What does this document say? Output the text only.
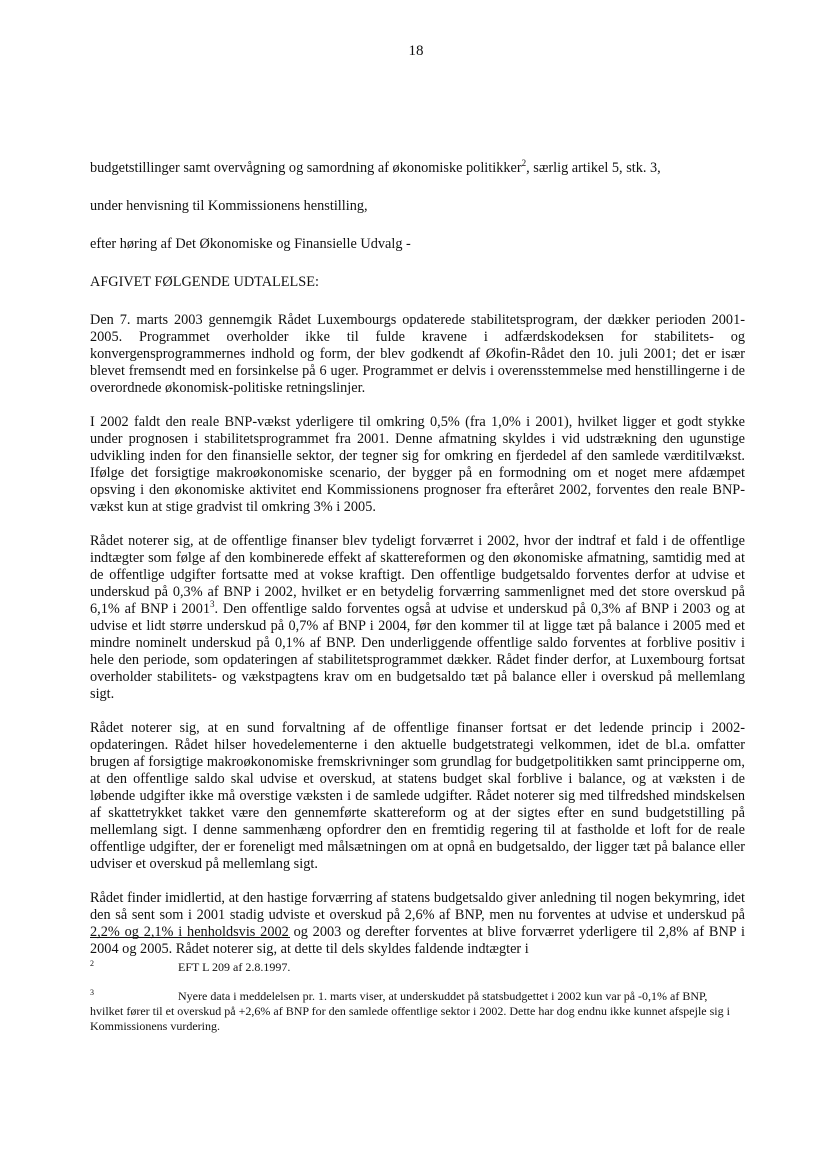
18

budgetstillinger samt overvågning og samordning af økonomiske politikker$^2$, særlig artikel 5, stk. 3,

under henvisning til Kommissionens henstilling,

efter høring af Det Økonomiske og Finansielle Udvalg -

AFGIVET FØLGENDE UDTALELSE:

Den 7. marts 2003 gennemgik Rådet Luxembourgs opdaterede stabilitetsprogram, der dækker perioden 2001-2005. Programmet overholder ikke til fulde kravene i adfærdskodeksen for stabilitets- og konvergensprogrammernes indhold og form, der blev godkendt af Økofin-Rådet den 10. juli 2001; det er især blevet fremsendt med en forsinkelse på 6 uger. Programmet er delvis i overensstemmelse med henstillingerne i de overordnede økonomisk-politiske retningslinjer.

I 2002 faldt den reale BNP-vækst yderligere til omkring 0,5% (fra 1,0% i 2001), hvilket ligger et godt stykke under prognosen i stabilitetsprogrammet fra 2001. Denne afmatning skyldes i vid udstrækning den ugunstige udvikling inden for den finansielle sektor, der tegner sig for omkring en fjerdedel af den samlede værditilvækst. Ifølge det forsigtige makroøkonomiske scenario, der bygger på en formodning om et noget mere afdæmpet opsving i den økonomiske aktivitet end Kommissionens prognoser fra efteråret 2002, forventes den reale BNP-vækst kun at stige gradvist til omkring 3% i 2005.

Rådet noterer sig, at de offentlige finanser blev tydeligt forværret i 2002, hvor der indtraf et fald i de offentlige indtægter som følge af den kombinerede effekt af skattereformen og den økonomiske afmatning, samtidig med at de offentlige udgifter fortsatte med at vokse kraftigt. Den offentlige budgetsaldo forventes derfor at udvise et underskud på 0,3% af BNP i 2002, hvilket er en betydelig forværring sammenlignet med det store overskud på 6,1% af BNP i 2001$^3$. Den offentlige saldo forventes også at udvise et underskud på 0,3% af BNP i 2003 og at udvise et lidt større underskud på 0,7% af BNP i 2004, før den kommer til at ligge tæt på balance i 2005 med et mindre nominelt underskud på 0,1% af BNP. Den underliggende offentlige saldo forventes at forblive positiv i hele den periode, som opdateringen af stabilitetsprogrammet dækker. Rådet finder derfor, at Luxembourg fortsat overholder stabilitets- og vækstpagtens krav om en budgetsaldo tæt på balance eller i overskud på mellemlang sigt.

Rådet noterer sig, at en sund forvaltning af de offentlige finanser fortsat er det ledende princip i 2002-opdateringen. Rådet hilser hovedelementerne i den aktuelle budgetstrategi velkommen, idet de bl.a. omfatter brugen af forsigtige makroøkonomiske fremskrivninger som grundlag for budgetpolitikken samt principperne om, at den offentlige saldo skal udvise et overskud, at statens budget skal forblive i balance, og at væksten i de løbende udgifter ikke må overstige væksten i de samlede udgifter. Rådet noterer sig med tilfredshed mindskelsen af skattetrykket takket være den gennemførte skattereform og at der sigtes efter en sund budgetstilling på mellemlang sigt. I denne sammenhæng opfordrer den en fremtidig regering til at fastholde et loft for de reale offentlige udgifter, der er foreneligt med målsætningen om at opnå en budgetsaldo, der ligger tæt på balance eller udviser et overskud på mellemlang sigt.

Rådet finder imidlertid, at den hastige forværring af statens budgetsaldo giver anledning til nogen bekymring, idet den så sent som i 2001 stadig udviste et overskud på 2,6% af BNP, men nu forventes at udvise et underskud på 2,2% og 2,1% i henholdsvis 2002 og 2003 og derefter forventes at blive forværret yderligere til 2,8% af BNP i 2004 og 2005. Rådet noterer sig, at dette til dels skyldes faldende indtægter i

2	EFT L 209 af 2.8.1997.
3	Nyere data i meddelelsen pr. 1. marts viser, at underskuddet på statsbudgettet i 2002 kun var på -0,1% af BNP, hvilket fører til et overskud på +2,6% af BNP for den samlede offentlige sektor i 2002. Dette har dog endnu ikke kunnet afspejle sig i Kommissionens vurdering.
